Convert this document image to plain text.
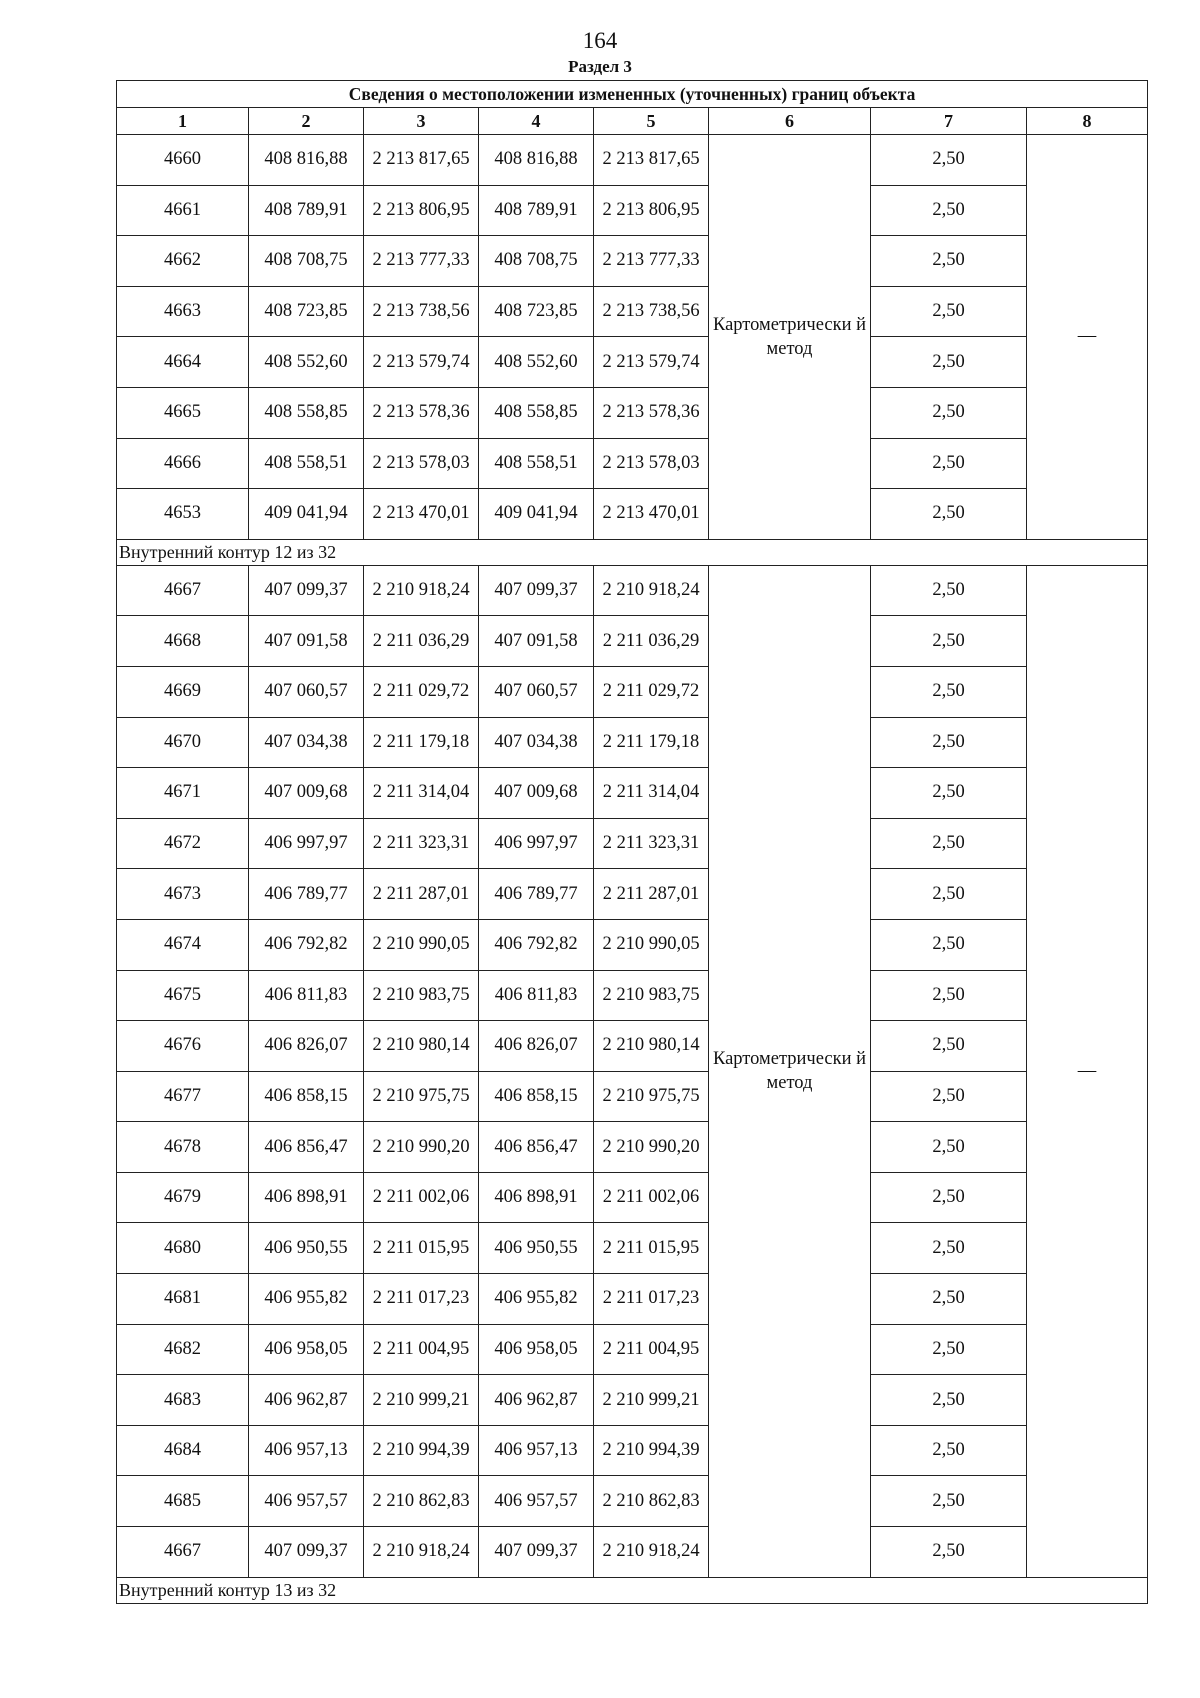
164
Раздел 3
Сведения о местоположении измененных (уточненных) границ объекта							
1	2	3	4	5	6	7	8
4660	408 816,88	2 213 817,65	408 816,88	2 213 817,65	Картометрически й метод	2,50	—
4661	408 789,91	2 213 806,95	408 789,91	2 213 806,95		2,50	
4662	408 708,75	2 213 777,33	408 708,75	2 213 777,33		2,50	
4663	408 723,85	2 213 738,56	408 723,85	2 213 738,56		2,50	
4664	408 552,60	2 213 579,74	408 552,60	2 213 579,74		2,50	
4665	408 558,85	2 213 578,36	408 558,85	2 213 578,36		2,50	
4666	408 558,51	2 213 578,03	408 558,51	2 213 578,03		2,50	
4653	409 041,94	2 213 470,01	409 041,94	2 213 470,01		2,50	
Внутренний контур 12 из 32							
4667	407 099,37	2 210 918,24	407 099,37	2 210 918,24	Картометрически й метод	2,50	—
4668	407 091,58	2 211 036,29	407 091,58	2 211 036,29		2,50	
4669	407 060,57	2 211 029,72	407 060,57	2 211 029,72		2,50	
4670	407 034,38	2 211 179,18	407 034,38	2 211 179,18		2,50	
4671	407 009,68	2 211 314,04	407 009,68	2 211 314,04		2,50	
4672	406 997,97	2 211 323,31	406 997,97	2 211 323,31		2,50	
4673	406 789,77	2 211 287,01	406 789,77	2 211 287,01		2,50	
4674	406 792,82	2 210 990,05	406 792,82	2 210 990,05		2,50	
4675	406 811,83	2 210 983,75	406 811,83	2 210 983,75		2,50	
4676	406 826,07	2 210 980,14	406 826,07	2 210 980,14		2,50	
4677	406 858,15	2 210 975,75	406 858,15	2 210 975,75		2,50	
4678	406 856,47	2 210 990,20	406 856,47	2 210 990,20		2,50	
4679	406 898,91	2 211 002,06	406 898,91	2 211 002,06		2,50	
4680	406 950,55	2 211 015,95	406 950,55	2 211 015,95		2,50	
4681	406 955,82	2 211 017,23	406 955,82	2 211 017,23		2,50	
4682	406 958,05	2 211 004,95	406 958,05	2 211 004,95		2,50	
4683	406 962,87	2 210 999,21	406 962,87	2 210 999,21		2,50	
4684	406 957,13	2 210 994,39	406 957,13	2 210 994,39		2,50	
4685	406 957,57	2 210 862,83	406 957,57	2 210 862,83		2,50	
4667	407 099,37	2 210 918,24	407 099,37	2 210 918,24		2,50	
Внутренний контур 13 из 32							
